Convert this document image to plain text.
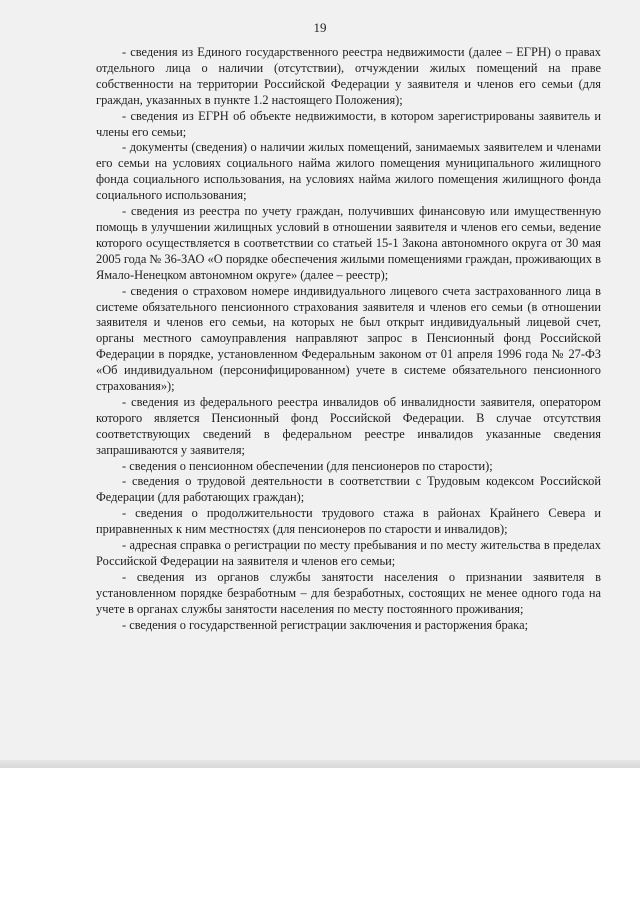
19

- сведения из Единого государственного реестра недвижимости (далее – ЕГРН) о правах отдельного лица о наличии (отсутствии), отчуждении жилых помещений на праве собственности на территории Российской Федерации у заявителя и членов его семьи (для граждан, указанных в пункте 1.2 настоящего Положения);

- сведения из ЕГРН об объекте недвижимости, в котором зарегистрированы заявитель и члены его семьи;

- документы (сведения) о наличии жилых помещений, занимаемых заявителем и членами его семьи на условиях социального найма жилого помещения муниципального жилищного фонда социального использования, на условиях найма жилого помещения жилищного фонда социального использования;

- сведения из реестра по учету граждан, получивших финансовую или имущественную помощь в улучшении жилищных условий в отношении заявителя и членов его семьи, ведение которого осуществляется в соответствии со статьей 15-1 Закона автономного округа от 30 мая 2005 года № 36-ЗАО «О порядке обеспечения жилыми помещениями граждан, проживающих в Ямало-Ненецком автономном округе» (далее – реестр);

- сведения о страховом номере индивидуального лицевого счета застрахованного лица в системе обязательного пенсионного страхования заявителя и членов его семьи (в отношении заявителя и членов его семьи, на которых не был открыт индивидуальный лицевой счет, органы местного самоуправления направляют запрос в Пенсионный фонд Российской Федерации в порядке, установленном Федеральным законом от 01 апреля 1996 года № 27-ФЗ «Об индивидуальном (персонифицированном) учете в системе обязательного пенсионного страхования»);

- сведения из федерального реестра инвалидов об инвалидности заявителя, оператором которого является Пенсионный фонд Российской Федерации. В случае отсутствия соответствующих сведений в федеральном реестре инвалидов указанные сведения запрашиваются у заявителя;

- сведения о пенсионном обеспечении (для пенсионеров по старости);

- сведения о трудовой деятельности в соответствии с Трудовым кодексом Российской Федерации (для работающих граждан);

- сведения о продолжительности трудового стажа в районах Крайнего Севера и приравненных к ним местностях (для пенсионеров по старости и инвалидов);

- адресная справка о регистрации по месту пребывания и по месту жительства в пределах Российской Федерации на заявителя и членов его семьи;

- сведения из органов службы занятости населения о признании заявителя в установленном порядке безработным – для безработных, состоящих не менее одного года на учете в органах службы занятости населения по месту постоянного проживания;

- сведения о государственной регистрации заключения и расторжения брака;
